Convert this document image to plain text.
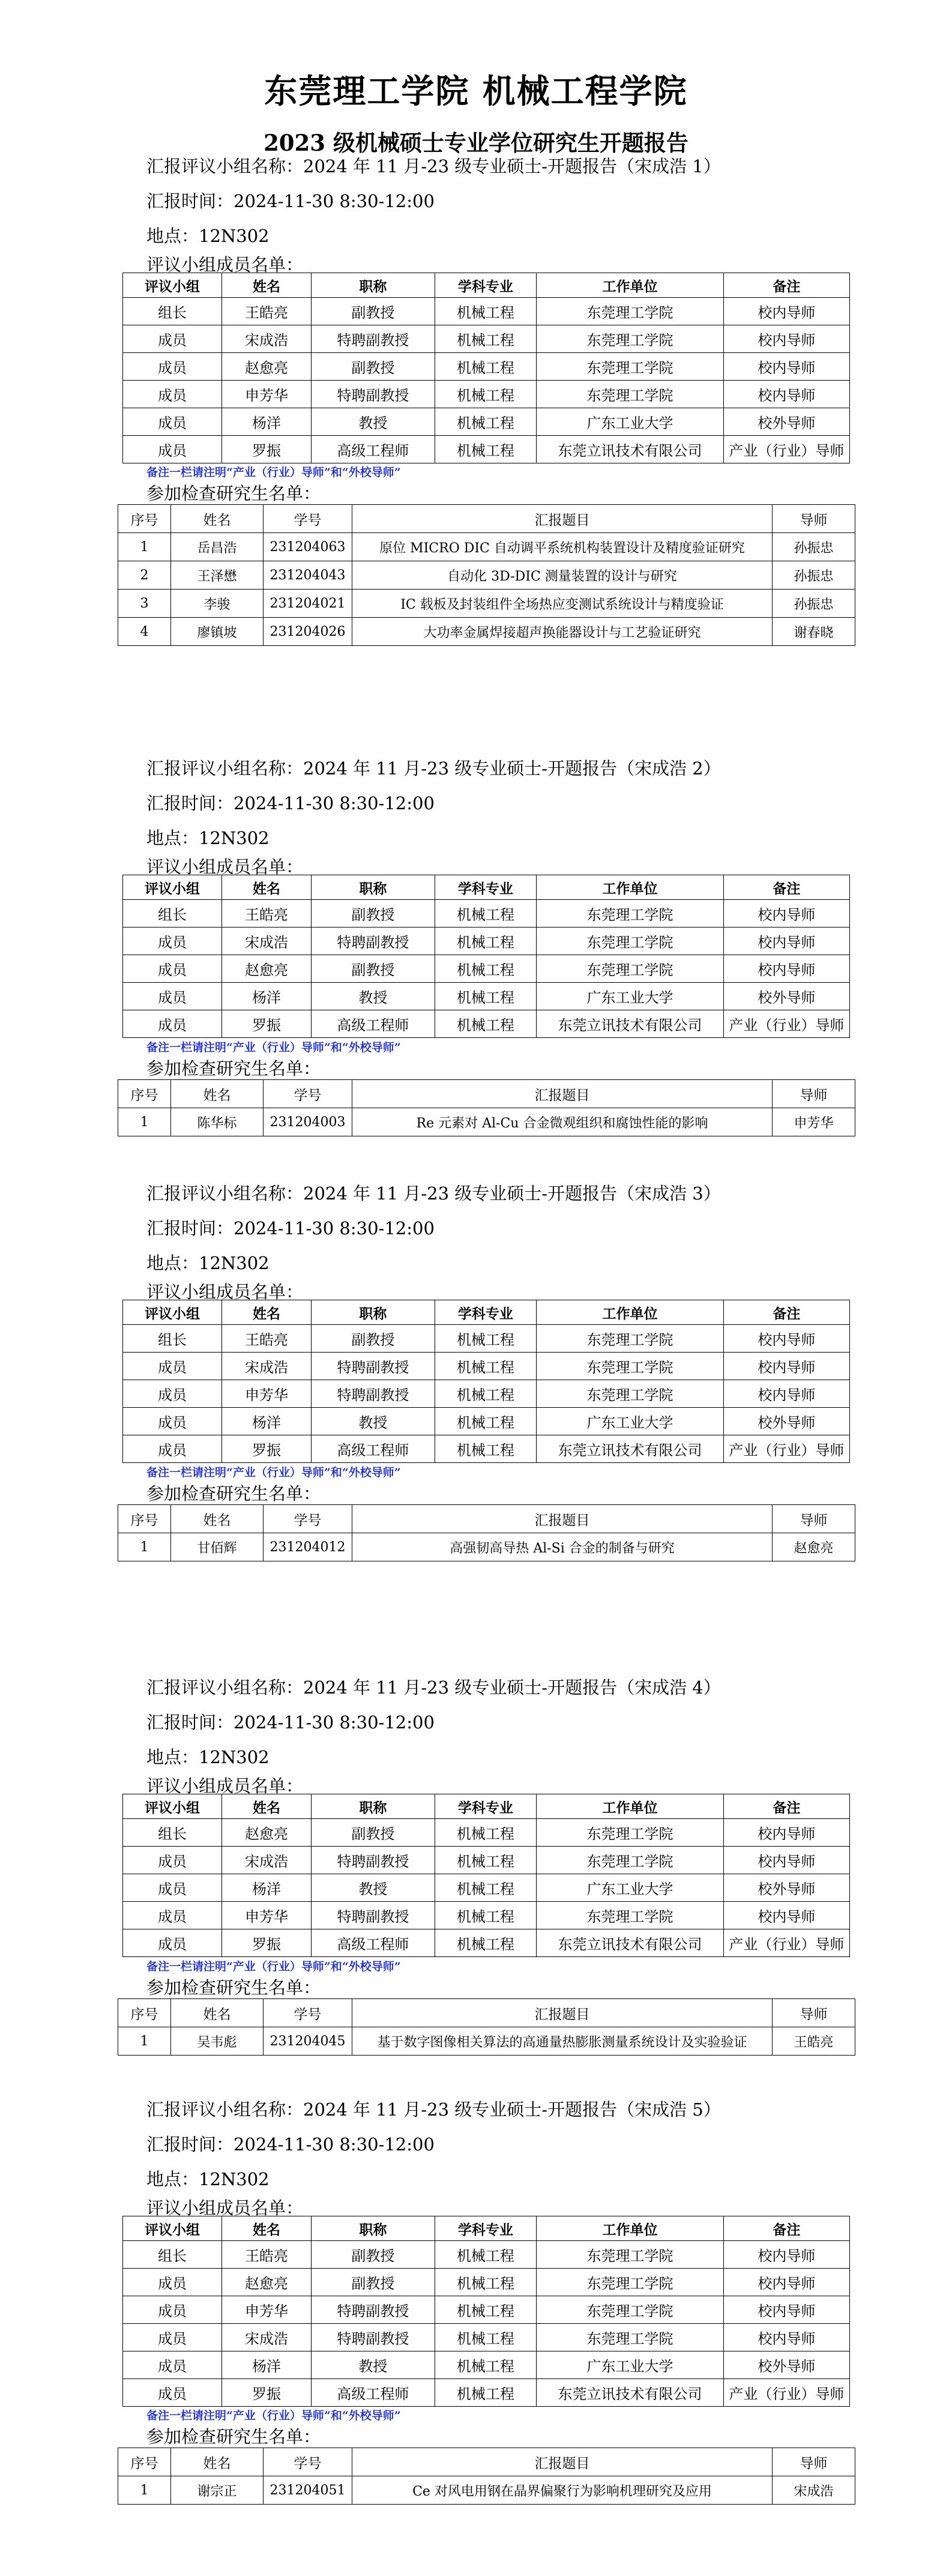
东莞理工学院 机械工程学院
2023 级机械硕士专业学位研究生开题报告
汇报评议小组名称：2024 年 11 月-23 级专业硕士-开题报告（宋成浩 1）
汇报时间：2024-11-30 8:30-12:00
地点：12N302
评议小组成员名单：
评议小组	姓名	职称	学科专业	工作单位	备注
组长	王皓亮	副教授	机械工程	东莞理工学院	校内导师
成员	宋成浩	特聘副教授	机械工程	东莞理工学院	校内导师
成员	赵愈亮	副教授	机械工程	东莞理工学院	校内导师
成员	申芳华	特聘副教授	机械工程	东莞理工学院	校内导师
成员	杨洋	教授	机械工程	广东工业大学	校外导师
成员	罗振	高级工程师	机械工程	东莞立讯技术有限公司	产业（行业）导师
备注一栏请注明“产业（行业）导师”和“外校导师”
参加检查研究生名单：
序号	姓名	学号	汇报题目	导师
1	岳昌浩	231204063	原位 MICRO DIC 自动调平系统机构装置设计及精度验证研究	孙振忠
2	王泽懋	231204043	自动化 3D-DIC 测量装置的设计与研究	孙振忠
3	李骏	231204021	IC 载板及封装组件全场热应变测试系统设计与精度验证	孙振忠
4	廖镇坡	231204026	大功率金属焊接超声换能器设计与工艺验证研究	谢春晓
汇报评议小组名称：2024 年 11 月-23 级专业硕士-开题报告（宋成浩 2）
汇报时间：2024-11-30 8:30-12:00
地点：12N302
评议小组成员名单：
评议小组	姓名	职称	学科专业	工作单位	备注
组长	王皓亮	副教授	机械工程	东莞理工学院	校内导师
成员	宋成浩	特聘副教授	机械工程	东莞理工学院	校内导师
成员	赵愈亮	副教授	机械工程	东莞理工学院	校内导师
成员	杨洋	教授	机械工程	广东工业大学	校外导师
成员	罗振	高级工程师	机械工程	东莞立讯技术有限公司	产业（行业）导师
备注一栏请注明“产业（行业）导师”和“外校导师”
参加检查研究生名单：
序号	姓名	学号	汇报题目	导师
1	陈华标	231204003	Re 元素对 Al-Cu 合金微观组织和腐蚀性能的影响	申芳华
汇报评议小组名称：2024 年 11 月-23 级专业硕士-开题报告（宋成浩 3）
汇报时间：2024-11-30 8:30-12:00
地点：12N302
评议小组成员名单：
评议小组	姓名	职称	学科专业	工作单位	备注
组长	王皓亮	副教授	机械工程	东莞理工学院	校内导师
成员	宋成浩	特聘副教授	机械工程	东莞理工学院	校内导师
成员	申芳华	特聘副教授	机械工程	东莞理工学院	校内导师
成员	杨洋	教授	机械工程	广东工业大学	校外导师
成员	罗振	高级工程师	机械工程	东莞立讯技术有限公司	产业（行业）导师
备注一栏请注明“产业（行业）导师”和“外校导师”
参加检查研究生名单：
序号	姓名	学号	汇报题目	导师
1	甘佰辉	231204012	高强韧高导热 Al-Si 合金的制备与研究	赵愈亮
汇报评议小组名称：2024 年 11 月-23 级专业硕士-开题报告（宋成浩 4）
汇报时间：2024-11-30 8:30-12:00
地点：12N302
评议小组成员名单：
评议小组	姓名	职称	学科专业	工作单位	备注
组长	赵愈亮	副教授	机械工程	东莞理工学院	校内导师
成员	宋成浩	特聘副教授	机械工程	东莞理工学院	校内导师
成员	杨洋	教授	机械工程	广东工业大学	校外导师
成员	申芳华	特聘副教授	机械工程	东莞理工学院	校内导师
成员	罗振	高级工程师	机械工程	东莞立讯技术有限公司	产业（行业）导师
备注一栏请注明“产业（行业）导师”和“外校导师”
参加检查研究生名单：
序号	姓名	学号	汇报题目	导师
1	吴韦彪	231204045	基于数字图像相关算法的高通量热膨胀测量系统设计及实验验证	王皓亮
汇报评议小组名称：2024 年 11 月-23 级专业硕士-开题报告（宋成浩 5）
汇报时间：2024-11-30 8:30-12:00
地点：12N302
评议小组成员名单：
评议小组	姓名	职称	学科专业	工作单位	备注
组长	王皓亮	副教授	机械工程	东莞理工学院	校内导师
成员	赵愈亮	副教授	机械工程	东莞理工学院	校内导师
成员	申芳华	特聘副教授	机械工程	东莞理工学院	校内导师
成员	宋成浩	特聘副教授	机械工程	东莞理工学院	校内导师
成员	杨洋	教授	机械工程	广东工业大学	校外导师
成员	罗振	高级工程师	机械工程	东莞立讯技术有限公司	产业（行业）导师
备注一栏请注明“产业（行业）导师”和“外校导师”
参加检查研究生名单：
序号	姓名	学号	汇报题目	导师
1	谢宗正	231204051	Ce 对风电用钢在晶界偏聚行为影响机理研究及应用	宋成浩
